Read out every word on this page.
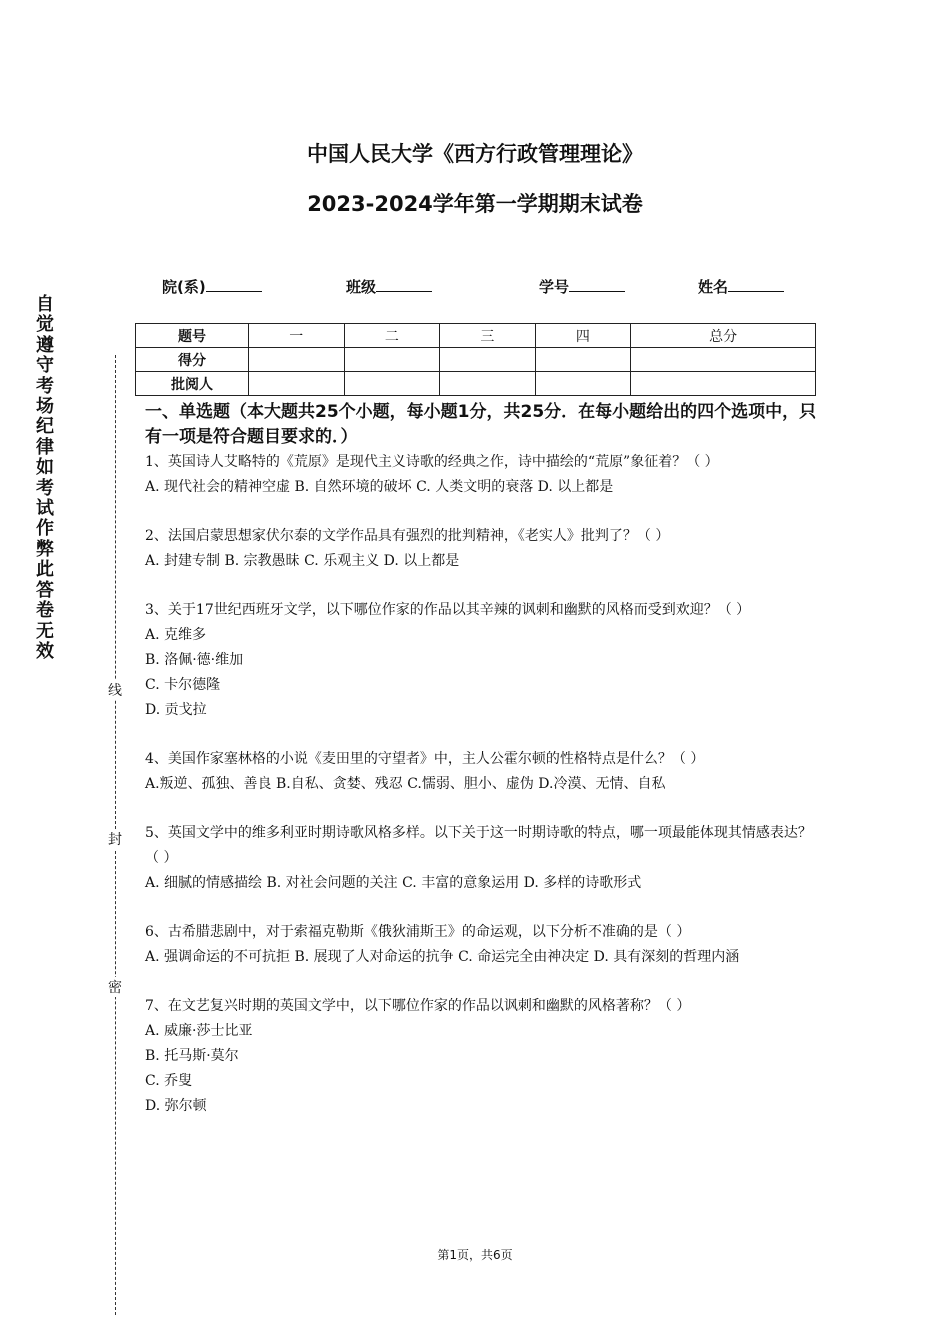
中国人民大学《西方行政管理理论》
2023-2024学年第一学期期末试卷
院(系)	班级	学号	姓名
题号	一	二	三	四	总分
得分					
批阅人					
自觉遵守考场纪律如考试作弊此答卷无效
线
封
密

一、单选题（本大题共25个小题，每小题1分，共25分．在每小题给出的四个选项中，只有一项是符合题目要求的．）

1、英国诗人艾略特的《荒原》是现代主义诗歌的经典之作，诗中描绘的“荒原”象征着？（ ）

A. 现代社会的精神空虚 B. 自然环境的破坏 C. 人类文明的衰落 D. 以上都是

2、法国启蒙思想家伏尔泰的文学作品具有强烈的批判精神，《老实人》批判了？（ ）

A. 封建专制 B. 宗教愚昧 C. 乐观主义 D. 以上都是

3、关于17世纪西班牙文学，以下哪位作家的作品以其辛辣的讽刺和幽默的风格而受到欢迎？（ ）

A. 克维多

B. 洛佩·德·维加

C. 卡尔德隆

D. 贡戈拉

4、美国作家塞林格的小说《麦田里的守望者》中，主人公霍尔顿的性格特点是什么？（ ）

A.叛逆、孤独、善良 B.自私、贪婪、残忍 C.懦弱、胆小、虚伪 D.冷漠、无情、自私

5、英国文学中的维多利亚时期诗歌风格多样。以下关于这一时期诗歌的特点，哪一项最能体现其情感表达？（ ）

A. 细腻的情感描绘 B. 对社会问题的关注 C. 丰富的意象运用 D. 多样的诗歌形式

6、古希腊悲剧中，对于索福克勒斯《俄狄浦斯王》的命运观，以下分析不准确的是（ ）

A. 强调命运的不可抗拒 B. 展现了人对命运的抗争 C. 命运完全由神决定 D. 具有深刻的哲理内涵

7、在文艺复兴时期的英国文学中，以下哪位作家的作品以讽刺和幽默的风格著称？（ ）

A. 威廉·莎士比亚

B. 托马斯·莫尔

C. 乔叟

D. 弥尔顿

第1页，共6页
